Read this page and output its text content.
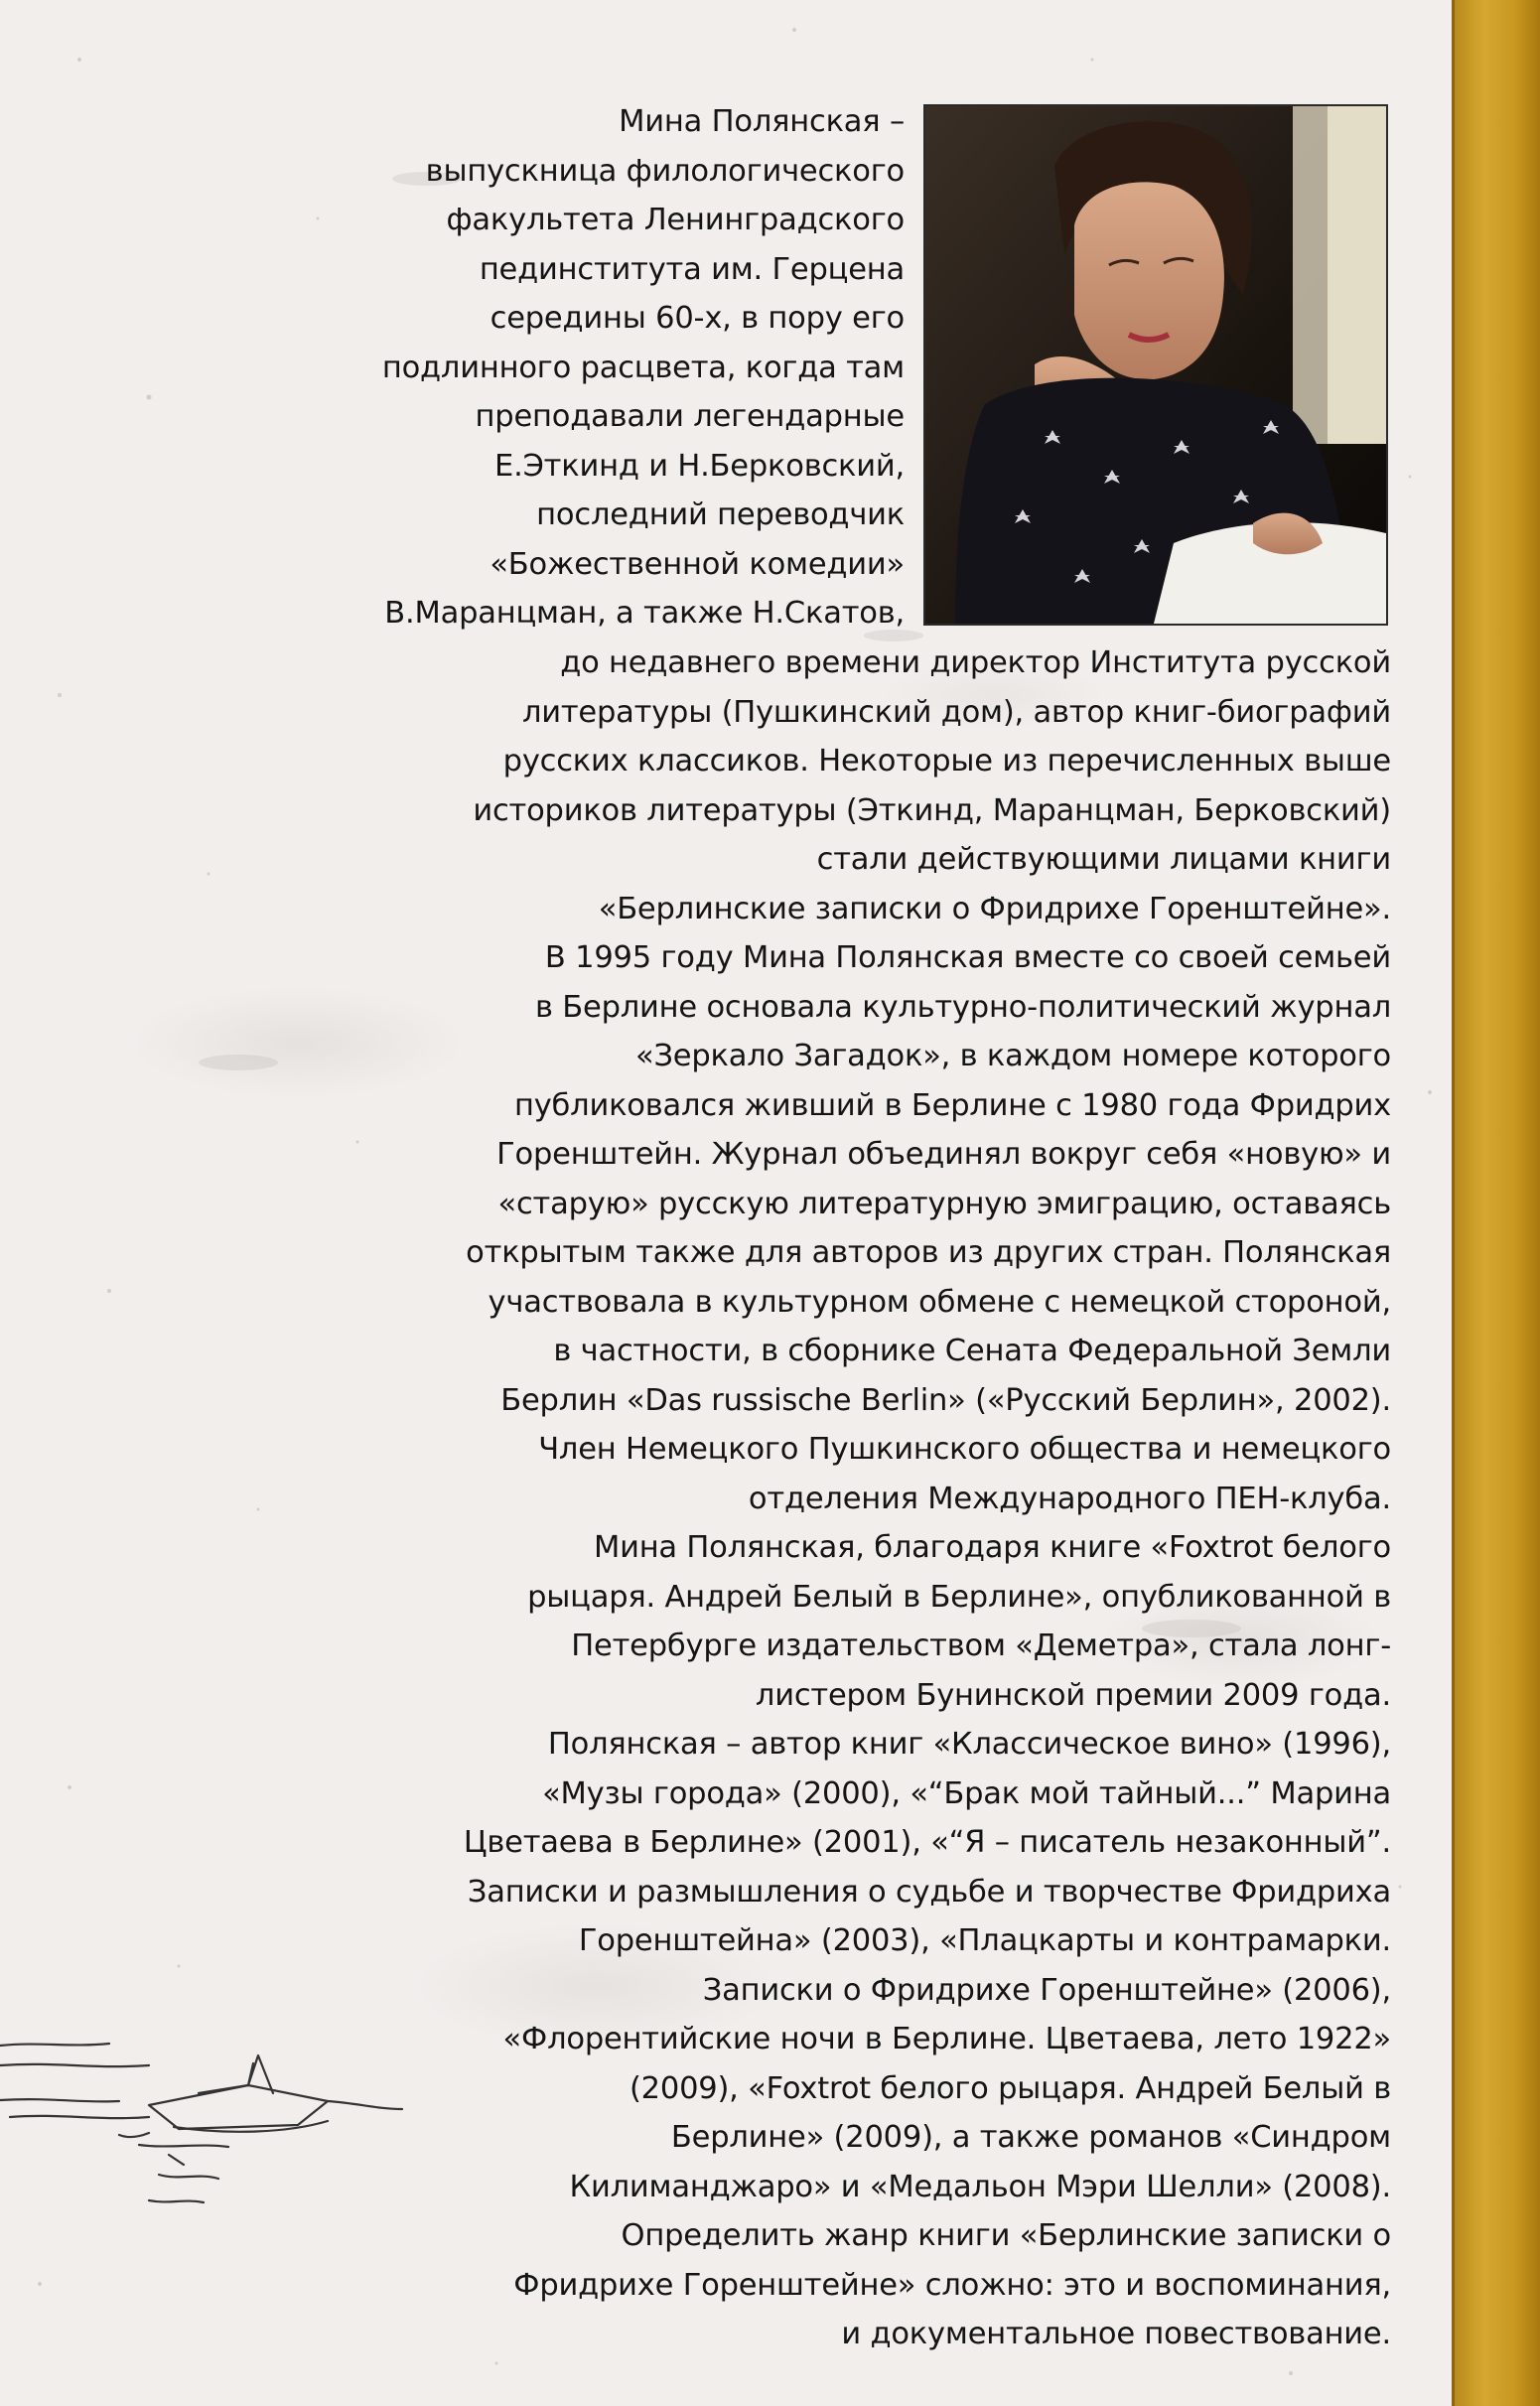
Мина Полянская –
выпускница филологического
факультета Ленинградского
пединститута им. Герцена
середины 60-х, в пору его
подлинного расцвета, когда там
преподавали легендарные
Е.Эткинд и Н.Берковский,
последний переводчик
«Божественной комедии»
В.Маранцман, а также Н.Скатов,
до недавнего времени директор Института русской
литературы (Пушкинский дом), автор книг-биографий
русских классиков. Некоторые из перечисленных выше
историков литературы (Эткинд, Маранцман, Берковский)
стали действующими лицами книги
«Берлинские записки о Фридрихе Горенштейне».
В 1995 году Мина Полянская вместе со своей семьей
в Берлине основала культурно-политический журнал
«Зеркало Загадок», в каждом номере которого
публиковался живший в Берлине с 1980 года Фридрих
Горенштейн. Журнал объединял вокруг себя «новую» и
«старую» русскую литературную эмиграцию, оставаясь
открытым также для авторов из других стран. Полянская
участвовала в культурном обмене с немецкой стороной,
в частности, в сборнике Сената Федеральной Земли
Берлин «Das russische Berlin» («Русский Берлин», 2002).
Член Немецкого Пушкинского общества и немецкого
отделения Международного ПЕН-клуба.
Мина Полянская, благодаря книге «Foxtrot белого
рыцаря. Андрей Белый в Берлине», опубликованной в
Петербурге издательством «Деметра», стала лонг-
листером Бунинской премии 2009 года.
Полянская – автор книг «Классическое вино» (1996),
«Музы города» (2000), «“Брак мой тайный...” Марина
Цветаева в Берлине» (2001), «“Я – писатель незаконный”.
Записки и размышления о судьбе и творчестве Фридриха
Горенштейна» (2003), «Плацкарты и контрамарки.
Записки о Фридрихе Горенштейне» (2006),
«Флорентийские ночи в Берлине. Цветаева, лето 1922»
(2009), «Foxtrot белого рыцаря. Андрей Белый в
Берлине» (2009), а также романов «Синдром
Килиманджаро» и «Медальон Мэри Шелли» (2008).
Определить жанр книги «Берлинские записки о
Фридрихе Горенштейне» сложно: это и воспоминания,
и документальное повествование.
